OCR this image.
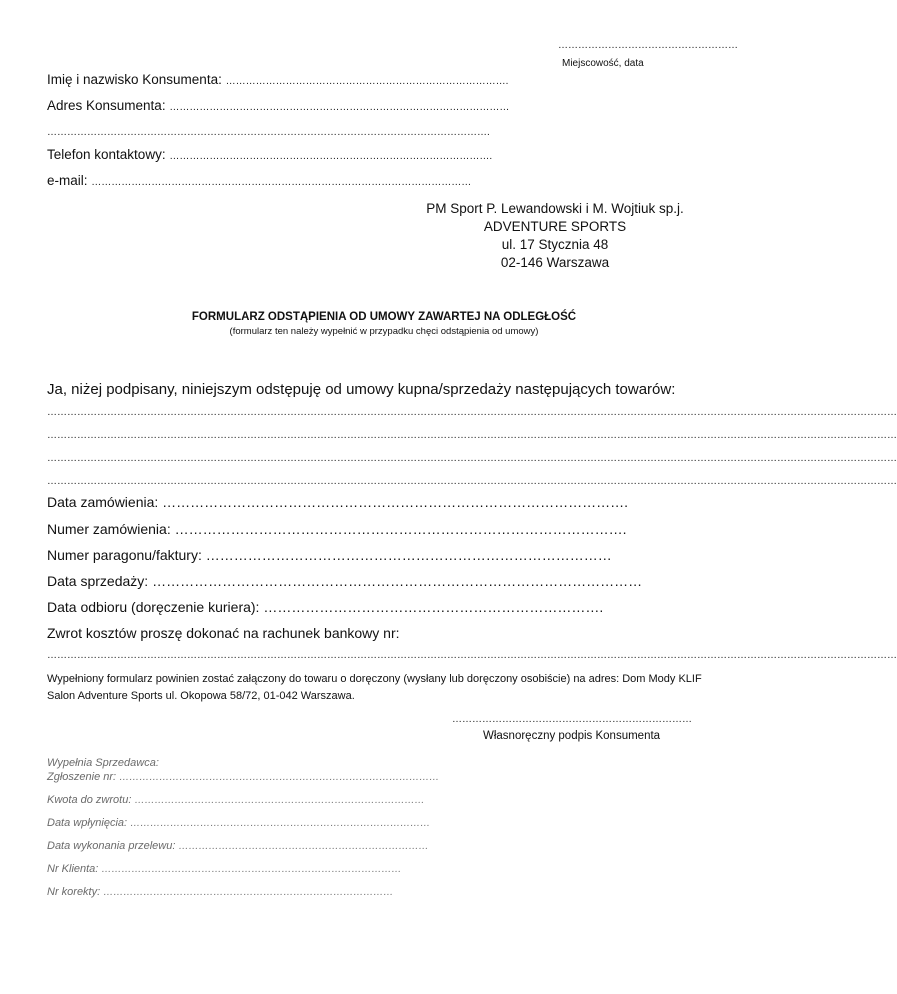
………………………………………………
Miejscowość, data
Imię i nazwisko Konsumenta: ………………………………………………………………………….
Adres Konsumenta: …………………………………………………………………………………………
…………………………………………………………………………………………………………………….
Telefon kontaktowy: …………………………………………………………………………………….
e-mail: ……………………………………………………………………………………………………
PM Sport P. Lewandowski i M. Wojtiuk sp.j.
ADVENTURE SPORTS
ul. 17 Stycznia 48
02-146 Warszawa
FORMULARZ ODSTĄPIENIA OD UMOWY ZAWARTEJ NA ODLEGŁOŚĆ
(formularz ten należy wypełnić w przypadku chęci odstąpienia od umowy)
Ja, niżej podpisany, niniejszym odstępuję od umowy kupna/sprzedaży następujących towarów:
…………………………………………………………………………………………………………………………………………………………………………………………………………………………………
…………………………………………………………………………………………………………………………………………………………………………………………………………………………………
…………………………………………………………………………………………………………………………………………………………………………………………………………………………………
…………………………………………………………………………………………………………………………………………………………………………………………………………………………………
Data zamówienia: ……………………………………………………………………………………….
Numer zamówienia: …………………………………………………………………………………….
Numer paragonu/faktury: ……………………………………………………………………………
Data sprzedaży: ……………………………………………………………………………………………
Data odbioru (doręczenie kuriera): ……………………………………………………………….
Zwrot kosztów proszę dokonać na rachunek bankowy nr:
…………………………………………………………………………………………………………………………………………………………………………………………………………………………………
Wypełniony formularz powinien zostać załączony do towaru o doręczony (wysłany lub doręczony osobiście) na adres: Dom Mody KLIF Salon Adventure Sports ul. Okopowa 58/72, 01-042 Warszawa.
………………………………………………………………
Własnoręczny podpis Konsumenta
Wypełnia Sprzedawca:
Zgłoszenie nr: ……………………………………………………………………………………
Kwota do zwrotu: ……………………………………………………………………………
Data wpłynięcia: ………………………………………………………………………………
Data wykonania przelewu: …………………………………………………………………
Nr Klienta: ………………………………………………………………………………
Nr korekty: ……………………………………………………………………………
